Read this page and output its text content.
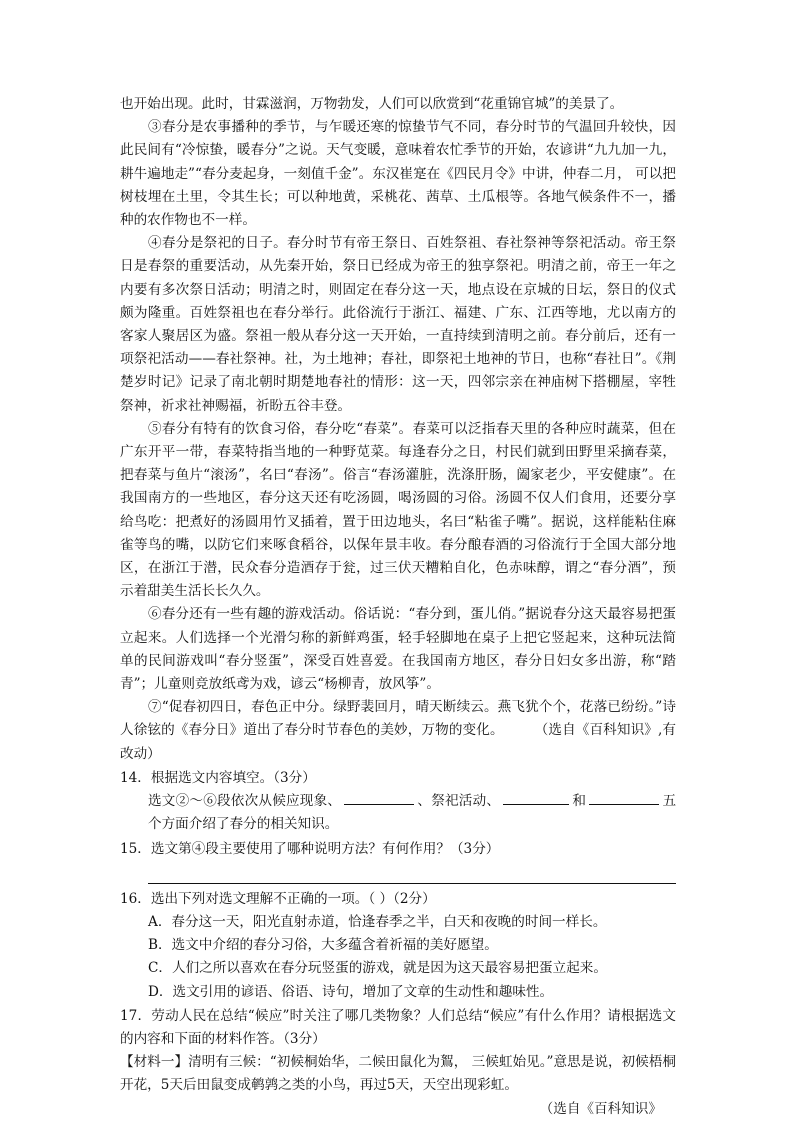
也开始出现。此时，甘霖滋润，万物勃发，人们可以欣赏到“花重锦官城”的美景了。

③春分是农事播种的季节，与乍暖还寒的惊蛰节气不同，春分时节的气温回升较快，因此民间有“冷惊蛰，暖春分”之说。天气变暖，意味着农忙季节的开始，农谚讲“九九加一九，耕牛遍地走”“春分麦起身，一刻值千金”。东汉崔寔在《四民月令》中讲，仲春二月， 可以把树枝埋在土里，令其生长；可以种地黄，采桃花、茜草、土瓜根等。各地气候条件不一，播种的农作物也不一样。

④春分是祭祀的日子。春分时节有帝王祭日、百姓祭祖、春社祭神等祭祀活动。帝王祭日是春祭的重要活动，从先秦开始，祭日已经成为帝王的独享祭祀。明清之前，帝王一年之内要有多次祭日活动；明清之时，则固定在春分这一天，地点设在京城的日坛，祭日的仪式颇为隆重。百姓祭祖也在春分举行。此俗流行于浙江、福建、广东、江西等地，尤以南方的客家人聚居区为盛。祭祖一般从春分这一天开始，一直持续到清明之前。春分前后，还有一项祭祀活动——春社祭神。社，为土地神；春社，即祭祀土地神的节日，也称“春社日”。《荆楚岁时记》记录了南北朝时期楚地春社的情形：这一天，四邻宗亲在神庙树下搭棚屋，宰牲祭神，祈求社神赐福，祈盼五谷丰登。

⑤春分有特有的饮食习俗，春分吃“春菜”。春菜可以泛指春天里的各种应时蔬菜，但在广东开平一带，春菜特指当地的一种野苋菜。每逢春分之日，村民们就到田野里采摘春菜， 把春菜与鱼片“滚汤”，名曰“春汤”。俗言“春汤灌脏，洗涤肝肠，阖家老少，平安健康”。在我国南方的一些地区，春分这天还有吃汤圆，喝汤圆的习俗。汤圆不仅人们食用，还要分享给鸟吃：把煮好的汤圆用竹叉插着，置于田边地头，名曰“粘雀子嘴”。据说，这样能粘住麻雀等鸟的嘴，以防它们来啄食稻谷，以保年景丰收。春分酿春酒的习俗流行于全国大部分地区，在浙江于潜，民众春分造酒存于瓮，过三伏天糟粕自化，色赤味醇，谓之“春分酒”，预示着甜美生活长长久久。

⑥春分还有一些有趣的游戏活动。俗话说：“春分到，蛋儿俏。”据说春分这天最容易把蛋立起来。人们选择一个光滑匀称的新鲜鸡蛋，轻手轻脚地在桌子上把它竖起来，这种玩法简单的民间游戏叫“春分竖蛋”，深受百姓喜爱。在我国南方地区，春分日妇女多出游，称“踏青”；儿童则竞放纸鸢为戏，谚云“杨柳青，放风筝”。

⑦“促春初四日，春色正中分。绿野裴回月，晴天断续云。燕飞犹个个，花落已纷纷。”诗人徐铉的《春分日》道出了春分时节春色的美妙，万物的变化。 （选自《百科知识》,有改动）

14．根据选文内容填空。（3分）

选文②～⑥段依次从候应现象、	、祭祀活动、	和	五 个方面介绍了春分的相关知识。

15．选文第④段主要使用了哪种说明方法？有何作用？（3分）

16．选出下列对选文理解不正确的一项。（ ）（2分）

A．春分这一天，阳光直射赤道，恰逢春季之半，白天和夜晚的时间一样长。

B．选文中介绍的春分习俗，大多蕴含着祈福的美好愿望。

C．人们之所以喜欢在春分玩竖蛋的游戏，就是因为这天最容易把蛋立起来。

D．选文引用的谚语、俗语、诗句，增加了文章的生动性和趣味性。

17．劳动人民在总结“候应”时关注了哪几类物象？人们总结“候应”有什么作用？请根据选文的内容和下面的材料作答。（3分）

【材料一】清明有三候：“初候桐始华，二候田鼠化为鴽， 三候虹始见。”意思是说，初候梧桐开花，5天后田鼠变成鹌鹑之类的小鸟，再过5天，天空出现彩虹。

（选自《百科知识》
